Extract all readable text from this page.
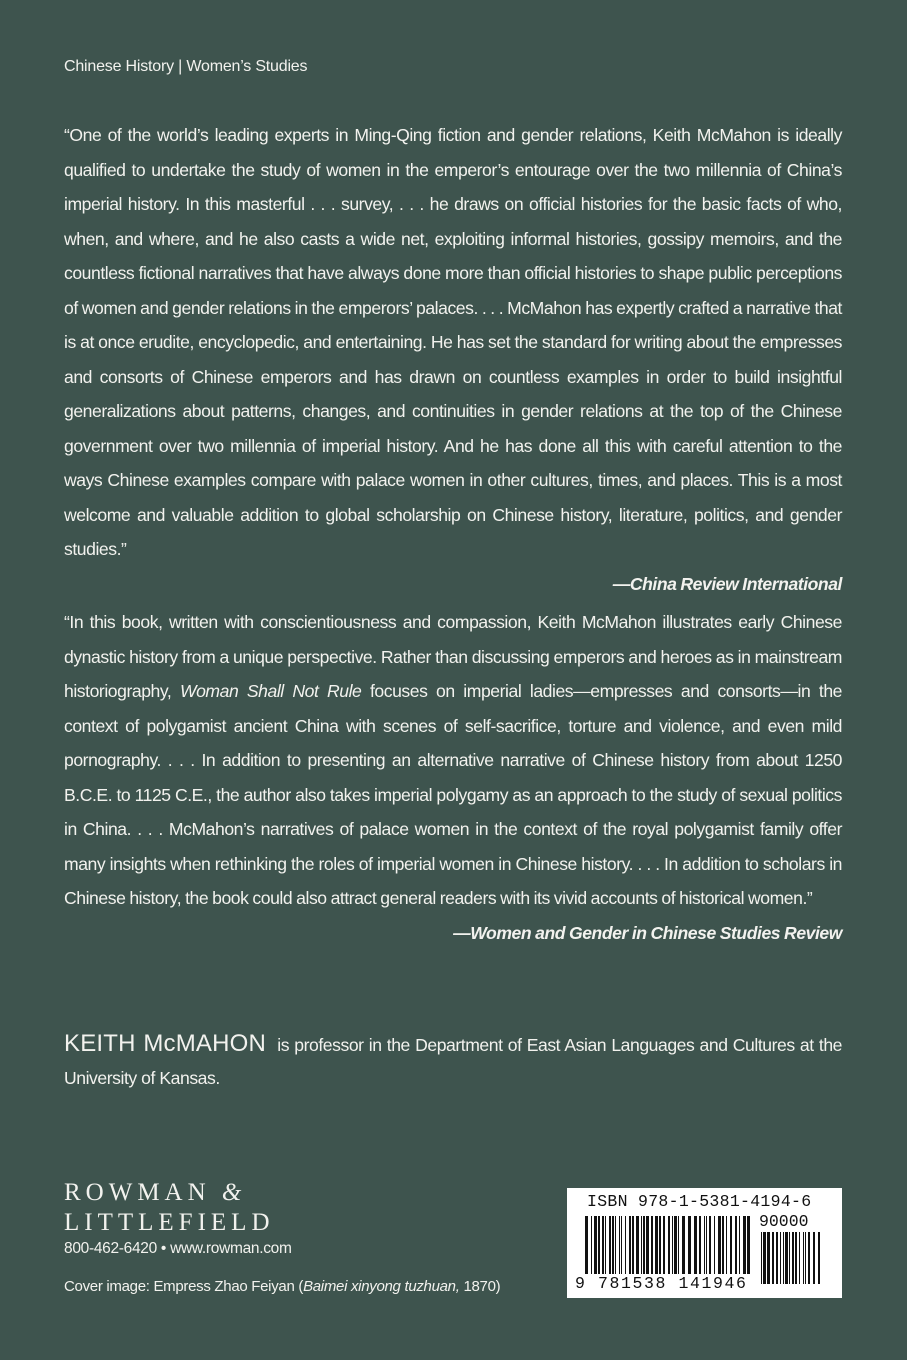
Chinese History | Women’s Studies
“One of the world’s leading experts in Ming-Qing fiction and gender relations, Keith McMahon is ideally qualified to undertake the study of women in the emperor’s entourage over the two millennia of China’s imperial history. In this masterful . . . survey, . . . he draws on official histories for the basic facts of who, when, and where, and he also casts a wide net, exploiting informal histories, gossipy memoirs, and the countless fictional narratives that have always done more than official histories to shape public perceptions of women and gender relations in the emperors’ palaces. . . . McMahon has expertly crafted a narrative that is at once erudite, encyclopedic, and entertaining. He has set the standard for writing about the empresses and consorts of Chinese emperors and has drawn on countless examples in order to build insightful generalizations about patterns, changes, and continuities in gender relations at the top of the Chinese government over two millennia of imperial history. And he has done all this with careful attention to the ways Chinese examples compare with palace women in other cultures, times, and places. This is a most welcome and valuable addition to global scholarship on Chinese history, literature, politics, and gender studies.”
—China Review International
“In this book, written with conscientiousness and compassion, Keith McMahon illustrates early Chinese dynastic history from a unique perspective. Rather than discussing emperors and heroes as in mainstream historiography, Woman Shall Not Rule focuses on imperial ladies—empresses and consorts—in the context of polygamist ancient China with scenes of self-sacrifice, torture and violence, and even mild pornography. . . . In addition to presenting an alternative narrative of Chinese history from about 1250 B.C.E. to 1125 C.E., the author also takes imperial polygamy as an approach to the study of sexual politics in China. . . . McMahon’s narratives of palace women in the context of the royal polygamist family offer many insights when rethinking the roles of imperial women in Chinese history. . . . In addition to scholars in Chinese history, the book could also attract general readers with its vivid accounts of historical women.”
—Women and Gender in Chinese Studies Review
KEITH McMAHON is professor in the Department of East Asian Languages and Cultures at the University of Kansas.
ROWMAN &
LITTLEFIELD
800-462-6420 • www.rowman.com
Cover image: Empress Zhao Feiyan (Baimei xinyong tuzhuan, 1870)
ISBN 978-1-5381-4194-6
90000
9 781538 141946
